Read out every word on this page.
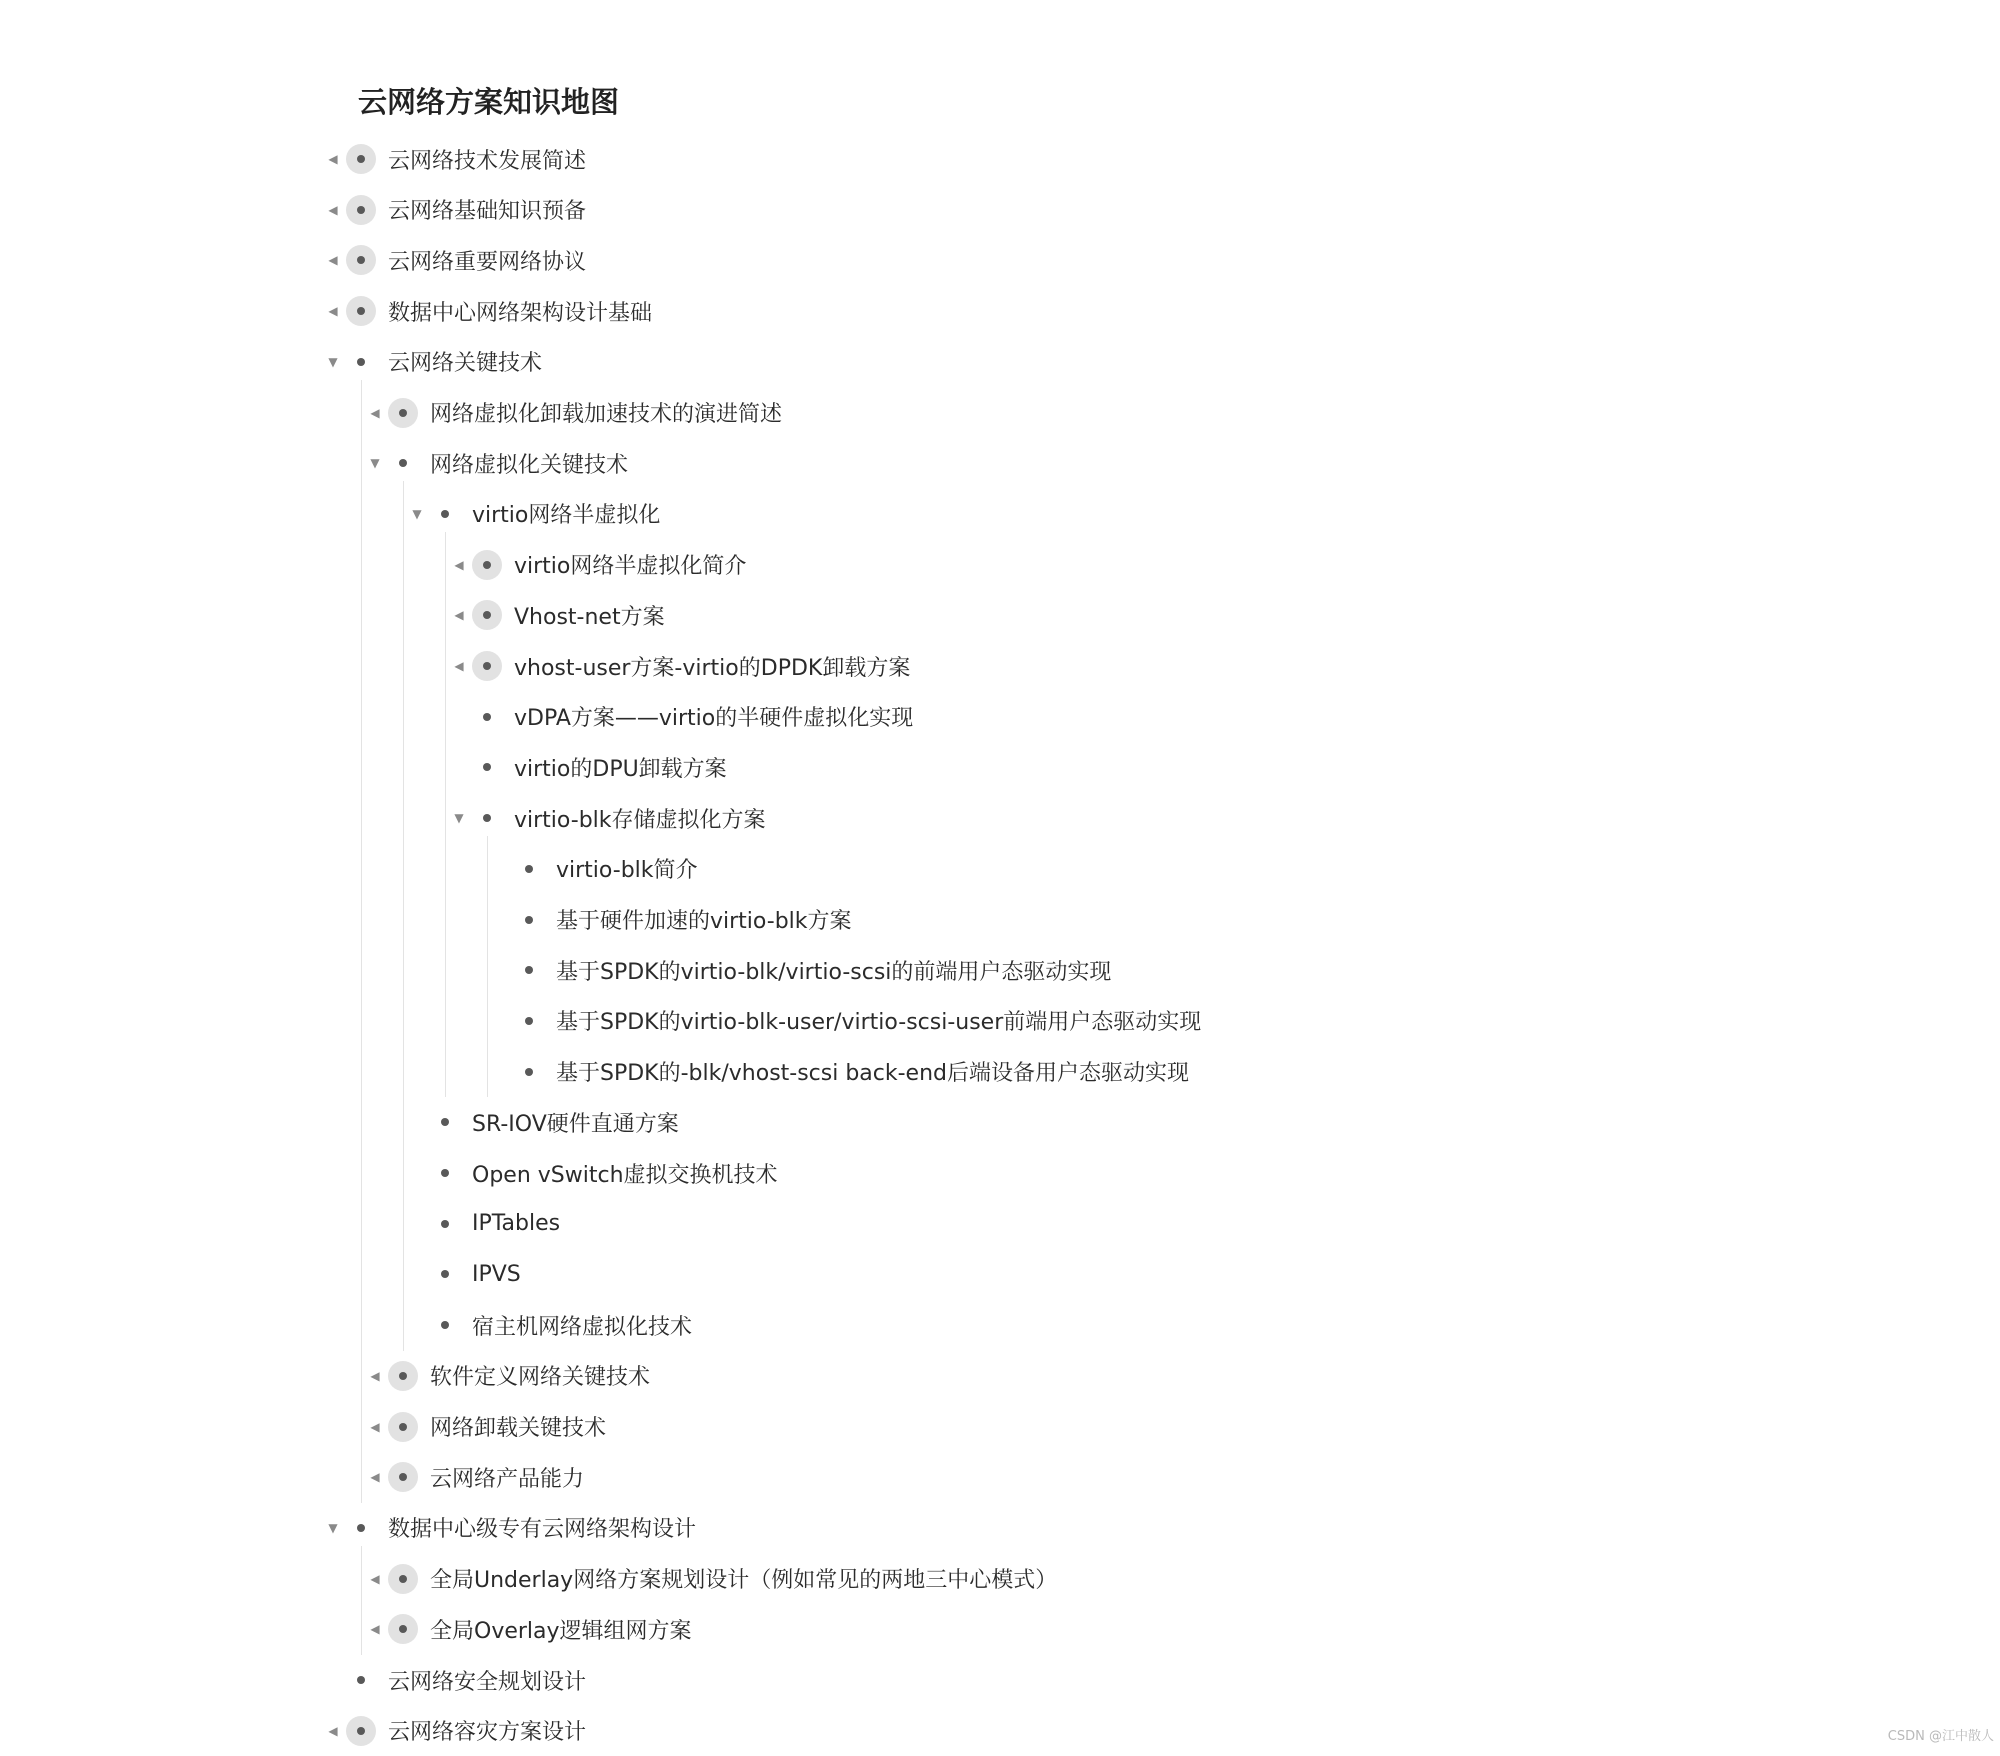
云网络方案知识地图
◀ 云网络技术发展简述
◀ 云网络基础知识预备
◀ 云网络重要网络协议
◀ 数据中心网络架构设计基础
▼ 云网络关键技术
◀ 网络虚拟化卸载加速技术的演进简述
▼ 网络虚拟化关键技术
▼ virtio网络半虚拟化
◀ virtio网络半虚拟化简介
◀ Vhost-net方案
◀ vhost-user方案-virtio的DPDK卸载方案
vDPA方案——virtio的半硬件虚拟化实现
virtio的DPU卸载方案
▼ virtio-blk存储虚拟化方案
virtio-blk简介
基于硬件加速的virtio-blk方案
基于SPDK的virtio-blk/virtio-scsi的前端用户态驱动实现
基于SPDK的virtio-blk-user/virtio-scsi-user前端用户态驱动实现
基于SPDK的-blk/vhost-scsi back-end后端设备用户态驱动实现
SR-IOV硬件直通方案
Open vSwitch虚拟交换机技术
IPTables
IPVS
宿主机网络虚拟化技术
◀ 软件定义网络关键技术
◀ 网络卸载关键技术
◀ 云网络产品能力
▼ 数据中心级专有云网络架构设计
◀ 全局Underlay网络方案规划设计（例如常见的两地三中心模式）
◀ 全局Overlay逻辑组网方案
云网络安全规划设计
◀ 云网络容灾方案设计	CSDN @江中散人
